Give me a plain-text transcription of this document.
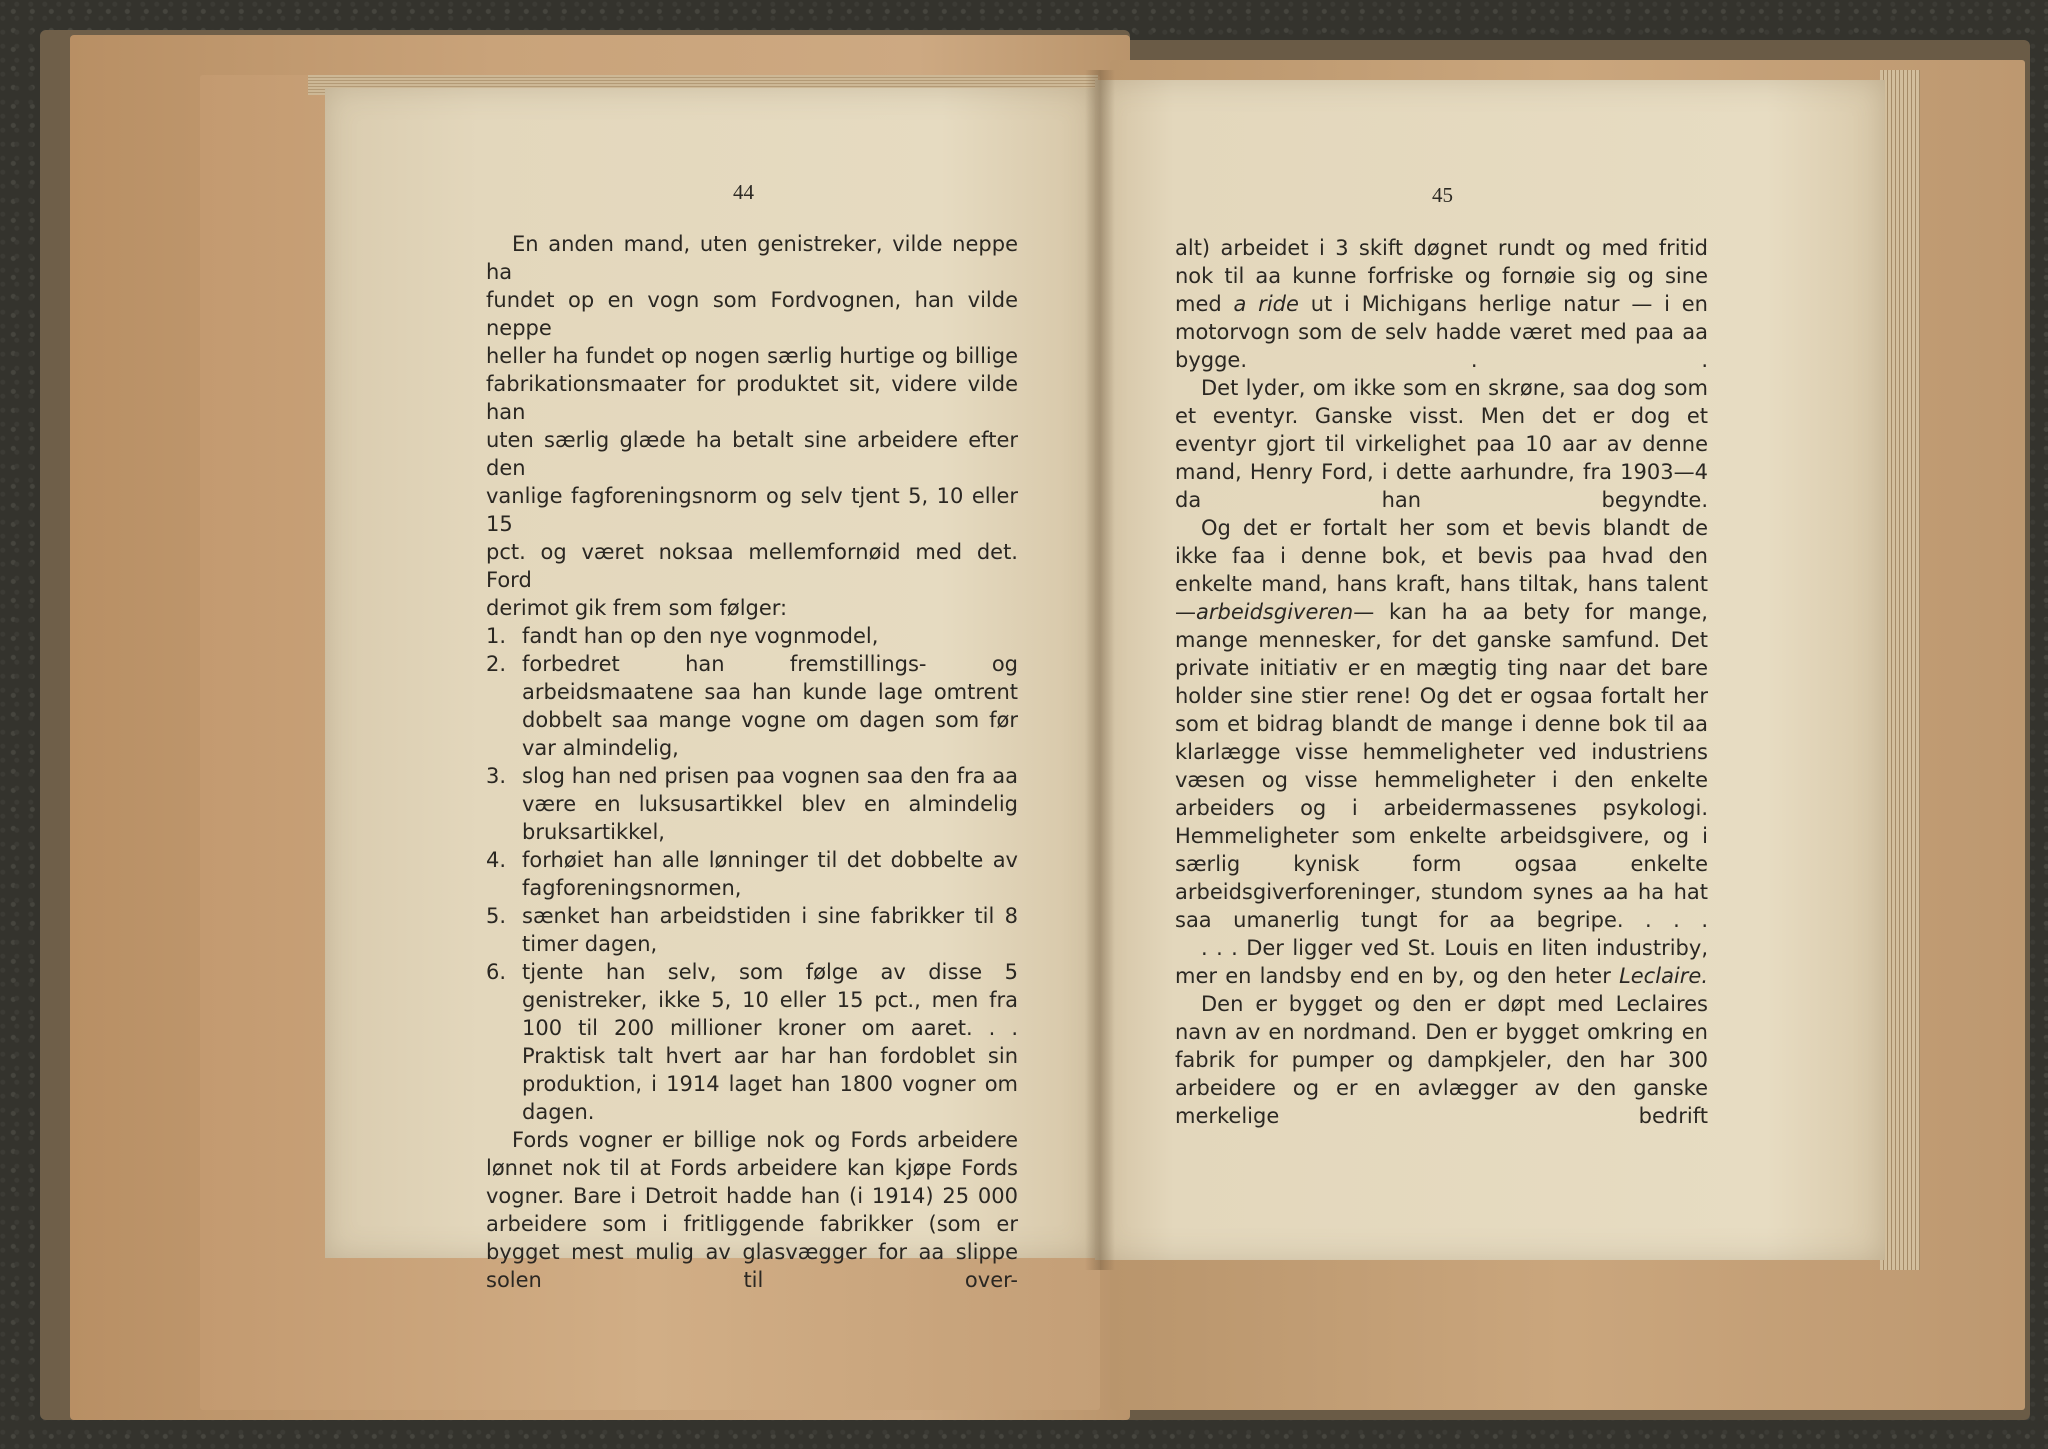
44	45

En anden mand, uten genistreker, vilde neppe ha

fundet op en vogn som Fordvognen, han vilde neppe

heller ha fundet op nogen særlig hurtige og billige

fabrikationsmaater for produktet sit, videre vilde han

uten særlig glæde ha betalt sine arbeidere efter den

vanlige fagforeningsnorm og selv tjent 5, 10 eller 15

pct. og været noksaa mellemfornøid med det. Ford

derimot gik frem som følger:

1. fandt han op den nye vognmodel,
2. forbedret han fremstillings- og arbeidsmaatene saa han kunde lage omtrent dobbelt saa mange vogne om dagen som før var almindelig,
3. slog han ned prisen paa vognen saa den fra aa være en luksusartikkel blev en almindelig bruksartikkel,
4. forhøiet han alle lønninger til det dobbelte av fagforeningsnormen,
5. sænket han arbeidstiden i sine fabrikker til 8 timer dagen,
6. tjente han selv, som følge av disse 5 genistreker, ikke 5, 10 eller 15 pct., men fra 100 til 200 millioner kroner om aaret. . . Praktisk talt hvert aar har han fordoblet sin produktion, i 1914 laget han 1800 vogner om dagen.

Fords vogner er billige nok og Fords arbeidere lønnet nok til at Fords arbeidere kan kjøpe Fords vogner. Bare i Detroit hadde han (i 1914) 25 000 arbeidere som i fritliggende fabrikker (som er bygget mest mulig av glasvægger for aa slippe solen til over-

alt) arbeidet i 3 skift døgnet rundt og med fritid nok til aa kunne forfriske og fornøie sig og sine med a ride ut i Michigans herlige natur — i en motorvogn som de selv hadde været med paa aa bygge. . .

Det lyder, om ikke som en skrøne, saa dog som et eventyr. Ganske visst. Men det er dog et eventyr gjort til virkelighet paa 10 aar av denne mand, Henry Ford, i dette aarhundre, fra 1903—4 da han begyndte.

Og det er fortalt her som et bevis blandt de ikke faa i denne bok, et bevis paa hvad den enkelte mand, hans kraft, hans tiltak, hans talent —arbeidsgiveren— kan ha aa bety for mange, mange mennesker, for det ganske samfund. Det private initiativ er en mægtig ting naar det bare holder sine stier rene! Og det er ogsaa fortalt her som et bidrag blandt de mange i denne bok til aa klarlægge visse hemmeligheter ved industriens væsen og visse hemmeligheter i den enkelte arbeiders og i arbeidermassenes psykologi. Hemmeligheter som enkelte arbeidsgivere, og i særlig kynisk form ogsaa enkelte arbeidsgiverforeninger, stundom synes aa ha hat saa umanerlig tungt for aa begripe. . . .

. . . Der ligger ved St. Louis en liten industriby, mer en landsby end en by, og den heter Leclaire.

Den er bygget og den er døpt med Leclaires navn av en nordmand. Den er bygget omkring en fabrik for pumper og dampkjeler, den har 300 arbeidere og er en avlægger av den ganske merkelige bedrift
